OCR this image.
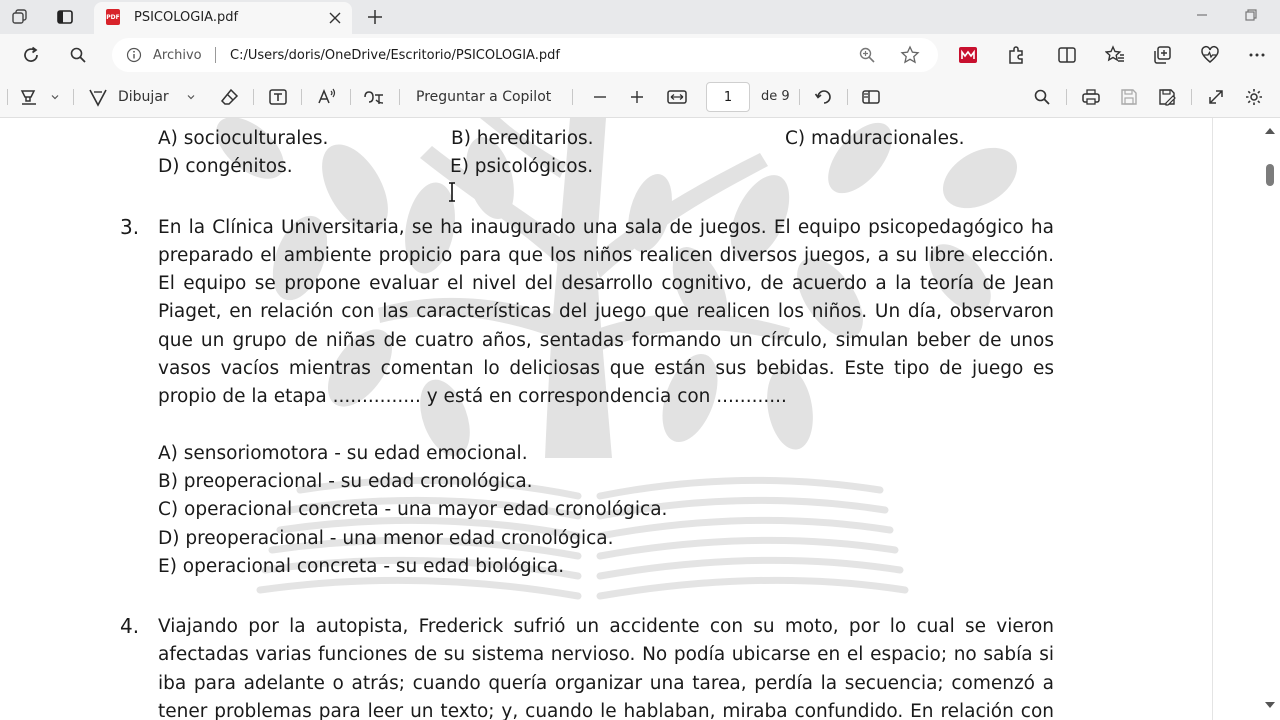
PDF PSICOLOGIA.pdf
Archivo C:/Users/doris/OneDrive/Escritorio/PSICOLOGIA.pdf
Dibujar	Preguntar a Copilot	1	de 9
A) socioculturales.	B) hereditarios.	C) maduracionales.
D) congénitos.	E) psicológicos.
3. En la Clínica Universitaria, se ha inaugurado una sala de juegos. El equipo psicopedagógico ha
preparado el ambiente propicio para que los niños realicen diversos juegos, a su libre elección.
El equipo se propone evaluar el nivel del desarrollo cognitivo, de acuerdo a la teoría de Jean
Piaget, en relación con las características del juego que realicen los niños. Un día, observaron
que un grupo de niñas de cuatro años, sentadas formando un círculo, simulan beber de unos
vasos vacíos mientras comentan lo deliciosas que están sus bebidas. Este tipo de juego es
propio de la etapa ............... y está en correspondencia con ............
A) sensoriomotora - su edad emocional.
B) preoperacional - su edad cronológica.
C) operacional concreta - una mayor edad cronológica.
D) preoperacional - una menor edad cronológica.
E) operacional concreta - su edad biológica.
4. Viajando por la autopista, Frederick sufrió un accidente con su moto, por lo cual se vieron
afectadas varias funciones de su sistema nervioso. No podía ubicarse en el espacio; no sabía si
iba para adelante o atrás; cuando quería organizar una tarea, perdía la secuencia; comenzó a
tener problemas para leer un texto; y, cuando le hablaban, miraba confundido. En relación con
